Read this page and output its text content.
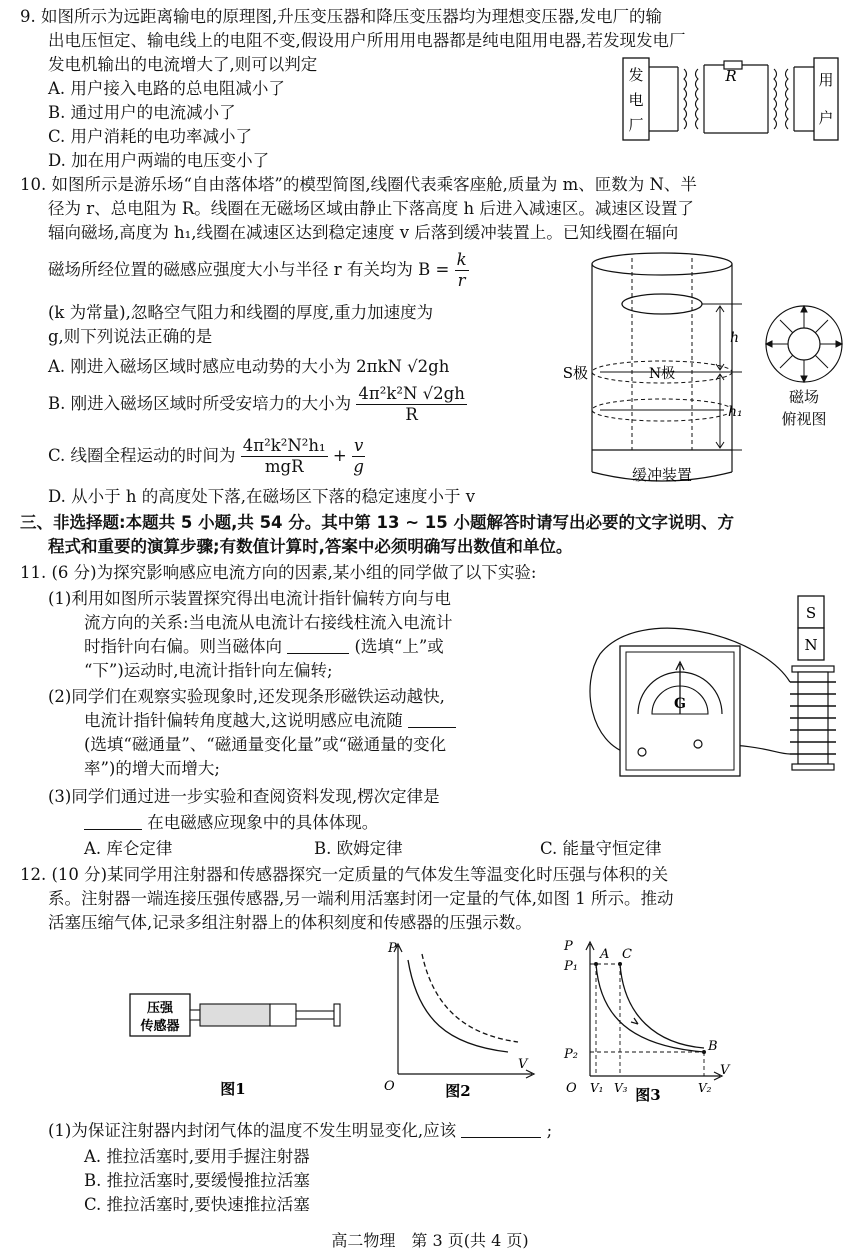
9. 如图所示为远距离输电的原理图,升压变压器和降压变压器均为理想变压器,发电厂的输
出电压恒定、输电线上的电阻不变,假设用户所用用电器都是纯电阻用电器,若发现发电厂
发电机输出的电流增大了,则可以判定
A. 用户接入电路的总电阻减小了
B. 通过用户的电流减小了
C. 用户消耗的电功率减小了
D. 加在用户两端的电压变小了
发
电
厂
R	用
户
10. 如图所示是游乐场“自由落体塔”的模型简图,线圈代表乘客座舱,质量为 m、匝数为 N、半
径为 r、总电阻为 R。线圈在无磁场区域由静止下落高度 h 后进入减速区。减速区设置了
辐向磁场,高度为 h₁,线圈在减速区达到稳定速度 v 后落到缓冲装置上。已知线圈在辐向
磁场所经位置的磁感应强度大小与半径 r 有关均为 $B = \frac{k}{r}$
(k 为常量),忽略空气阻力和线圈的厚度,重力加速度为
g,则下列说法正确的是
A. 刚进入磁场区域时感应电动势的大小为 2πkN √2gh
B. 刚进入磁场区域时所受安培力的大小为 $\frac{\text{4π²k²N √2gh}}{R}$
C. 线圈全程运动的时间为 $\frac{\text{4π²k²N²h₁}}{\text{mgR}} + \frac{v}{g}$
D. 从小于 h 的高度处下落,在磁场区下落的稳定速度小于 v
S极	N极
缓冲装置
h
h₁
磁场
俯视图
三、非选择题:本题共 5 小题,共 54 分。其中第 13 ~ 15 小题解答时请写出必要的文字说明、方
程式和重要的演算步骤;有数值计算时,答案中必须明确写出数值和单位。
11. (6 分)为探究影响感应电流方向的因素,某小组的同学做了以下实验:
(1)利用如图所示装置探究得出电流计指针偏转方向与电
流方向的关系:当电流从电流计右接线柱流入电流计
时指针向右偏。则当磁体向	(选填“上”或
“下”)运动时,电流计指针向左偏转;
(2)同学们在观察实验现象时,还发现条形磁铁运动越快,
电流计指针偏转角度越大,这说明感应电流随
(选填“磁通量”、“磁通量变化量”或“磁通量的变化
率”)的增大而增大;
(3)同学们通过进一步实验和查阅资料发现,楞次定律是
在电磁感应现象中的具体体现。
A. 库仑定律	B. 欧姆定律	C. 能量守恒定律
S
N
G
12. (10 分)某同学用注射器和传感器探究一定质量的气体发生等温变化时压强与体积的关
系。注射器一端连接压强传感器,另一端利用活塞封闭一定量的气体,如图 1 所示。推动
活塞压缩气体,记录多组注射器上的体积刻度和传感器的压强示数。
压强
传感器
图1
P
V
O	图2
P
V
O
P₁
P₂
A C
B
V₁ V₃	V₂
图3
(1)为保证注射器内封闭气体的温度不发生明显变化,应该	;
A. 推拉活塞时,要用手握注射器
B. 推拉活塞时,要缓慢推拉活塞
C. 推拉活塞时,要快速推拉活塞
高二物理　第 3 页(共 4 页)
